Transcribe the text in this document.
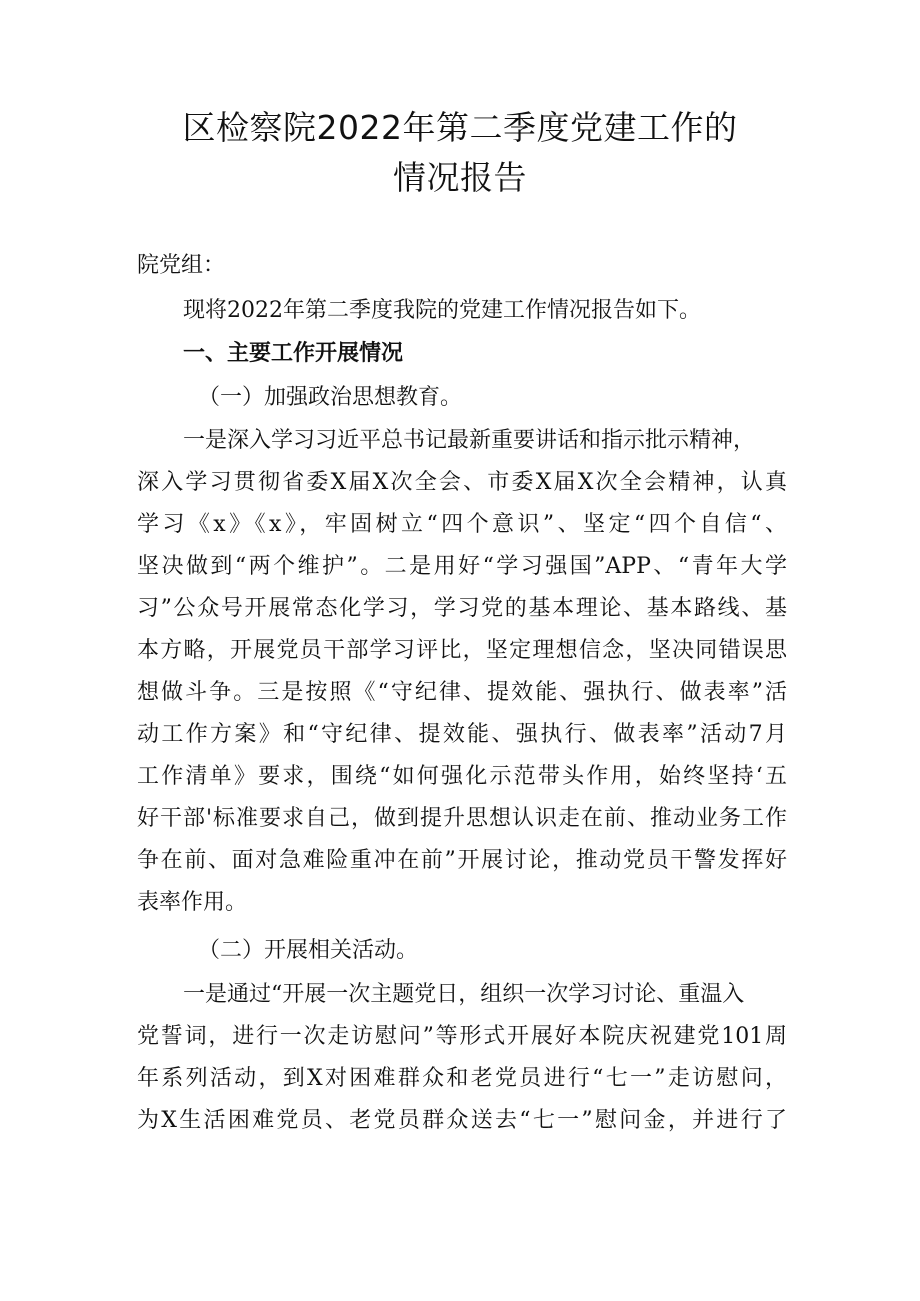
区检察院2022年第二季度党建工作的
情况报告

院党组：

现将2022年第二季度我院的党建工作情况报告如下。

一、主要工作开展情况

（一）加强政治思想教育。

一是深入学习习近平总书记最新重要讲话和指示批示精神，

深入学习贯彻省委X届X次全会、市委X届X次全会精神，认真

学习《x》《x》，牢固树立“四个意识”、坚定“四个自信“、

坚决做到“两个维护”。二是用好“学习强国”APP、“青年大学

习”公众号开展常态化学习，学习党的基本理论、基本路线、基

本方略，开展党员干部学习评比，坚定理想信念，坚决同错误思

想做斗争。三是按照《“守纪律、提效能、强执行、做表率”活

动工作方案》和“守纪律、提效能、强执行、做表率”活动7月

工作清单》要求，围绕“如何强化示范带头作用，始终坚持‘五

好干部'标准要求自己，做到提升思想认识走在前、推动业务工作

争在前、面对急难险重冲在前”开展讨论，推动党员干警发挥好

表率作用。

（二）开展相关活动。

一是通过“开展一次主题党日，组织一次学习讨论、重温入

党誓词，进行一次走访慰问”等形式开展好本院庆祝建党101周

年系列活动，到X对困难群众和老党员进行“七一”走访慰问，

为X生活困难党员、老党员群众送去“七一”慰问金，并进行了
